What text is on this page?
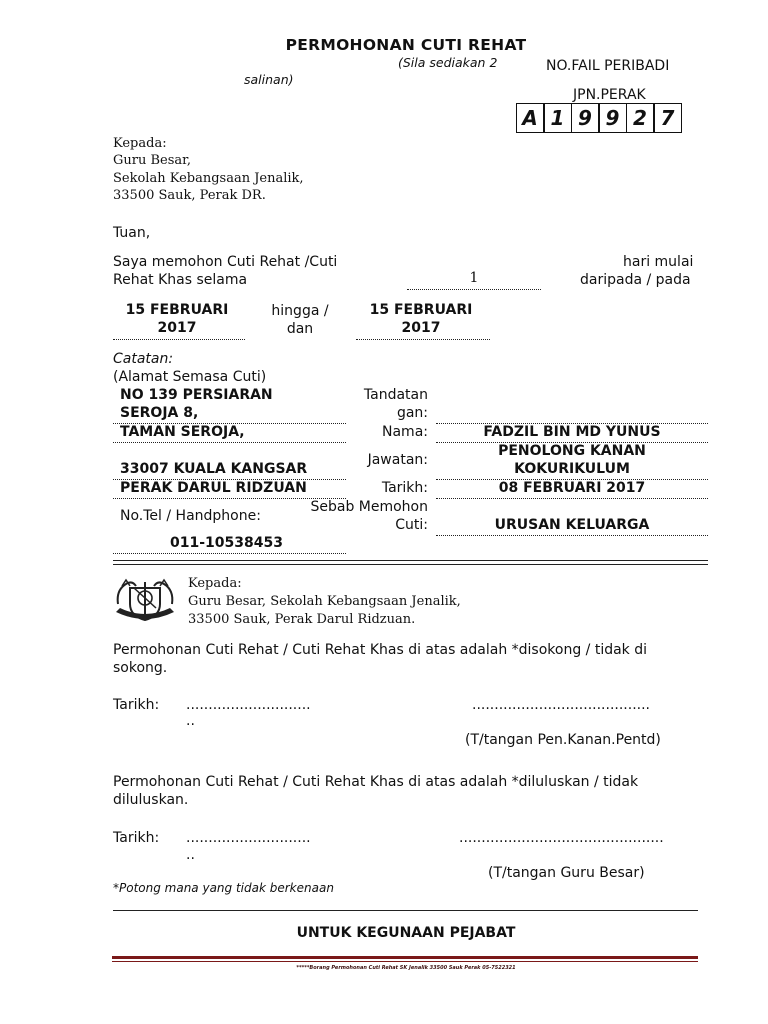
PERMOHONAN CUTI REHAT
(Sila sediakan 2
salinan)
NO.FAIL PERIBADI
JPN.PERAK
A 1 9 9 2 7
Kepada:
Guru Besar,
Sekolah Kebangsaan Jenalik,
33500 Sauk, Perak DR.
Tuan,
Saya memohon Cuti Rehat /Cuti
Rehat Khas selama	1
hari mulai
daripada / pada
15 FEBRUARI
2017
hingga /
dan
15 FEBRUARI
2017
Catatan:
(Alamat Semasa Cuti)
NO 139 PERSIARAN
SEROJA 8,
TAMAN SEROJA,
33007 KUALA KANGSAR
PERAK DARUL RIDZUAN
No.Tel / Handphone:
011-10538453
Tandatan
gan:
Nama:	FADZIL BIN MD YUNUS
Jawatan:
PENOLONG KANAN
KOKURIKULUM
Tarikh:	08 FEBRUARI 2017
Sebab Memohon
Cuti:	URUSAN KELUARGA
Kepada:
Guru Besar, Sekolah Kebangsaan Jenalik,
33500 Sauk, Perak Darul Ridzuan.
Permohonan Cuti Rehat / Cuti Rehat Khas di atas adalah *disokong / tidak di
sokong.
Tarikh: ............................
..
........................................
(T/tangan Pen.Kanan.Pentd)
Permohonan Cuti Rehat / Cuti Rehat Khas di atas adalah *diluluskan / tidak
diluluskan.
Tarikh: ............................
..
..............................................
(T/tangan Guru Besar)
*Potong mana yang tidak berkenaan
UNTUK KEGUNAAN PEJABAT
*****Borang Permohonan Cuti Rehat SK Jenalik 33500 Sauk Perak 05-7522321
